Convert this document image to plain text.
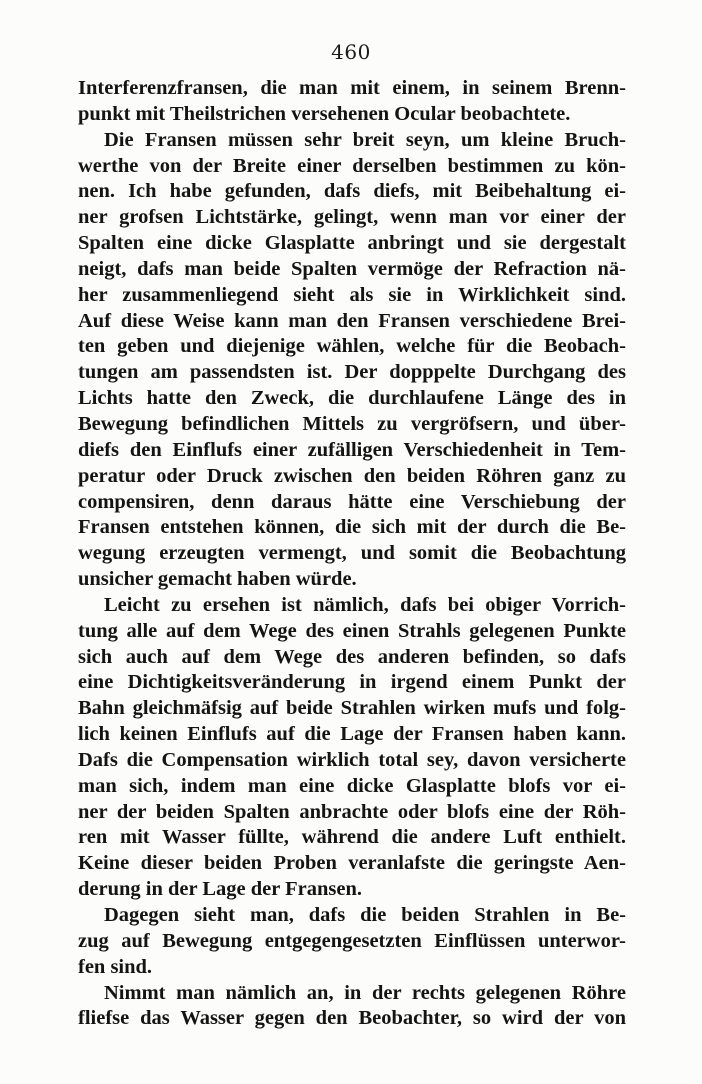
460
Interferenzfransen, die man mit einem, in seinem Brenn-
punkt mit Theilstrichen versehenen Ocular beobachtete.
Die Fransen müssen sehr breit seyn, um kleine Bruch-
werthe von der Breite einer derselben bestimmen zu kön-
nen. Ich habe gefunden, dafs diefs, mit Beibehaltung ei-
ner grofsen Lichtstärke, gelingt, wenn man vor einer der
Spalten eine dicke Glasplatte anbringt und sie dergestalt
neigt, dafs man beide Spalten vermöge der Refraction nä-
her zusammenliegend sieht als sie in Wirklichkeit sind.
Auf diese Weise kann man den Fransen verschiedene Brei-
ten geben und diejenige wählen, welche für die Beobach-
tungen am passendsten ist. Der dopppelte Durchgang des
Lichts hatte den Zweck, die durchlaufene Länge des in
Bewegung befindlichen Mittels zu vergröfsern, und über-
diefs den Einflufs einer zufälligen Verschiedenheit in Tem-
peratur oder Druck zwischen den beiden Röhren ganz zu
compensiren, denn daraus hätte eine Verschiebung der
Fransen entstehen können, die sich mit der durch die Be-
wegung erzeugten vermengt, und somit die Beobachtung
unsicher gemacht haben würde.
Leicht zu ersehen ist nämlich, dafs bei obiger Vorrich-
tung alle auf dem Wege des einen Strahls gelegenen Punkte
sich auch auf dem Wege des anderen befinden, so dafs
eine Dichtigkeitsveränderung in irgend einem Punkt der
Bahn gleichmäfsig auf beide Strahlen wirken mufs und folg-
lich keinen Einflufs auf die Lage der Fransen haben kann.
Dafs die Compensation wirklich total sey, davon versicherte
man sich, indem man eine dicke Glasplatte blofs vor ei-
ner der beiden Spalten anbrachte oder blofs eine der Röh-
ren mit Wasser füllte, während die andere Luft enthielt.
Keine dieser beiden Proben veranlafste die geringste Aen-
derung in der Lage der Fransen.
Dagegen sieht man, dafs die beiden Strahlen in Be-
zug auf Bewegung entgegengesetzten Einflüssen unterwor-
fen sind.
Nimmt man nämlich an, in der rechts gelegenen Röhre
fliefse das Wasser gegen den Beobachter, so wird der von
